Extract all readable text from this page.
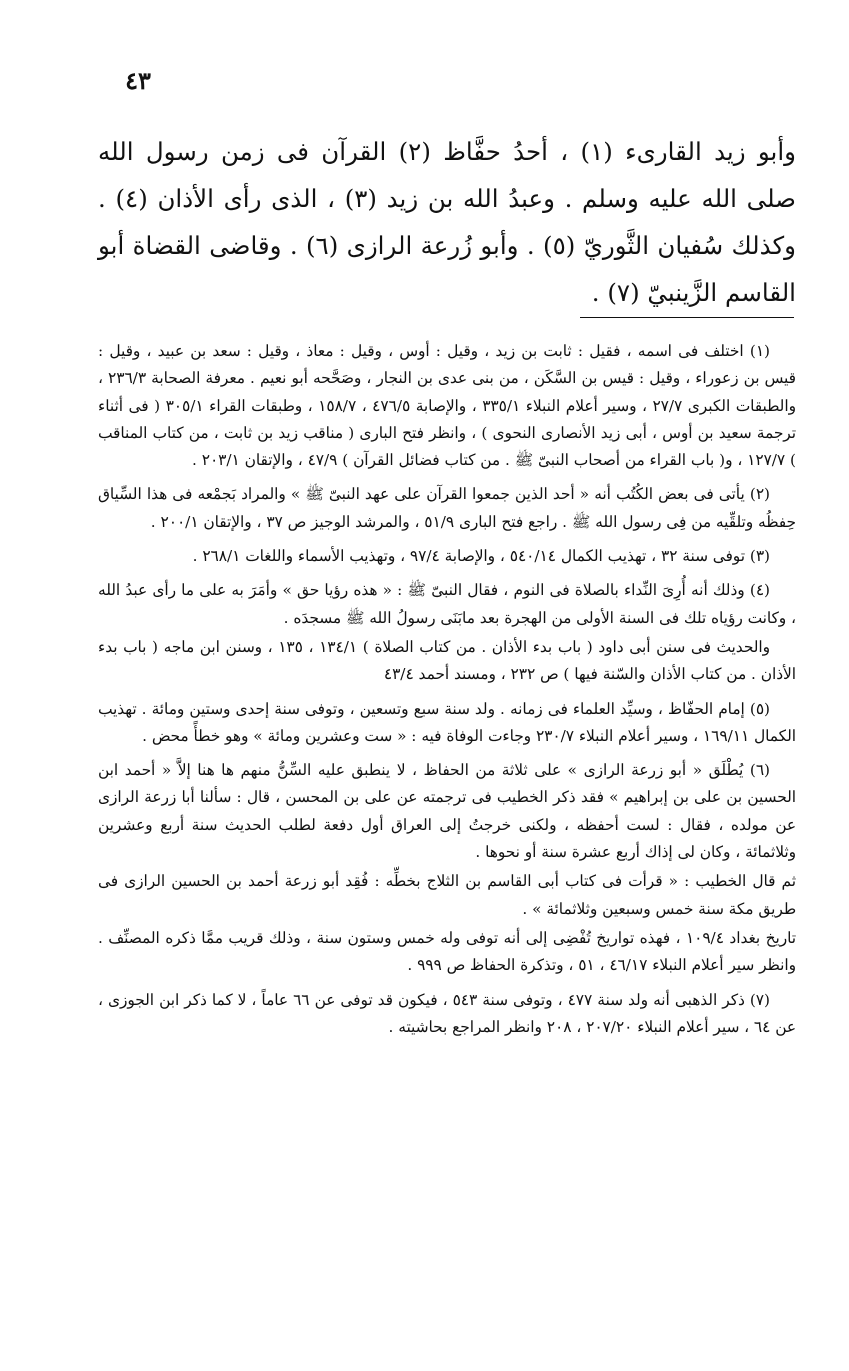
٤٣

وأبو زيد القارىء (١) ، أحدُ حفَّاظ (٢) القرآن فى زمن رسول الله صلى الله عليه وسلم . وعبدُ الله بن زيد (٣) ، الذى رأى الأذان (٤) . وكذلك سُفيان الثَّوريّ (٥) . وأبو زُرعة الرازى (٦) . وقاضى القضاة أبو القاسم الزَّينبيّ (٧) .

(١) اختلف فى اسمه ، فقيل : ثابت بن زيد ، وقيل : أوس ، وقيل : معاذ ، وقيل : سعد بن عبيد ، وقيل : قيس بن زعوراء ، وقيل : قيس بن السَّكَن ، من بنى عدى بن النجار ، وصَحَّحه أبو نعيم . معرفة الصحابة ٢٣٦/٣ ، والطبقات الكبرى ٢٧/٧ ، وسير أعلام النبلاء ٣٣٥/١ ، والإصابة ٤٧٦/٥ ، ١٥٨/٧ ، وطبقات القراء ٣٠٥/١ ( فى أثناء ترجمة سعيد بن أوس ، أبى زيد الأنصارى النحوى ) ، وانظر فتح البارى ( مناقب زيد بن ثابت ، من كتاب المناقب ) ١٢٧/٧ ، و( باب القراء من أصحاب النبىّ ﷺ . من كتاب فضائل القرآن ) ٤٧/٩ ، والإتقان ٢٠٣/١ .

(٢) يأتى فى بعض الكُتُب أنه « أحد الذين جمعوا القرآن على عهد النبىّ ﷺ » والمراد بَجمْعه فى هذا السِّياق حِفظُه وتلقِّيه من فِى رسول الله ﷺ . راجع فتح البارى ٥١/٩ ، والمرشد الوجيز ص ٣٧ ، والإتقان ٢٠٠/١ .

(٣) توفى سنة ٣٢ ، تهذيب الكمال ٥٤٠/١٤ ، والإصابة ٩٧/٤ ، وتهذيب الأسماء واللغات ٢٦٨/١ .

(٤) وذلك أنه أُرِىَ النِّداء بالصلاة فى النوم ، فقال النبىّ ﷺ : « هذه رؤيا حق » وأمَرَ به على ما رأى عبدُ الله ، وكانت رؤياه تلك فى السنة الأولى من الهجرة بعد مابَنَى رسولُ الله ﷺ مسجدَه .

والحديث فى سنن أبى داود ( باب بدء الأذان . من كتاب الصلاة ) ١٣٤/١ ، ١٣٥ ، وسنن ابن ماجه ( باب بدء الأذان . من كتاب الأذان والسّنة فيها ) ص ٢٣٢ ، ومسند أحمد ٤٣/٤

(٥) إمام الحفّاظ ، وسيِّد العلماء فى زمانه . ولد سنة سبع وتسعين ، وتوفى سنة إحدى وستين ومائة . تهذيب الكمال ١٦٩/١١ ، وسير أعلام النبلاء ٢٣٠/٧ وجاءت الوفاة فيه : « ست وعشرين ومائة » وهو خطأً محض .

(٦) يُطْلَق « أبو زرعة الرازى » على ثلاثة من الحفاظ ، لا ينطبق عليه السِّنُّ منهم ها هنا إلاَّ « أحمد ابن الحسين بن على بن إبراهيم » فقد ذكر الخطيب فى ترجمته عن على بن المحسن ، قال : سألنا أبا زرعة الرازى عن مولده ، فقال : لست أحفظه ، ولكنى خرجتُ إلى العراق أول دفعة لطلب الحديث سنة أربع وعشرين وثلاثمائة ، وكان لى إذاك أربع عشرة سنة أو نحوها .

ثم قال الخطيب : « قرأت فى كتاب أبى القاسم بن الثلاج بخطِّه : فُقِد أبو زرعة أحمد بن الحسين الرازى فى طريق مكة سنة خمس وسبعين وثلاثمائة » .

تاريخ بغداد ١٠٩/٤ ، فهذه تواريخ تُفْضِى إلى أنه توفى وله خمس وستون سنة ، وذلك قريب ممَّا ذكره المصنِّف . وانظر سير أعلام النبلاء ٤٦/١٧ ، ٥١ ، وتذكرة الحفاظ ص ٩٩٩ .

(٧) ذكر الذهبى أنه ولد سنة ٤٧٧ ، وتوفى سنة ٥٤٣ ، فيكون قد توفى عن ٦٦ عاماً ، لا كما ذكر ابن الجوزى ، عن ٦٤ ، سير أعلام النبلاء ٢٠٧/٢٠ ، ٢٠٨ وانظر المراجع بحاشيته .
